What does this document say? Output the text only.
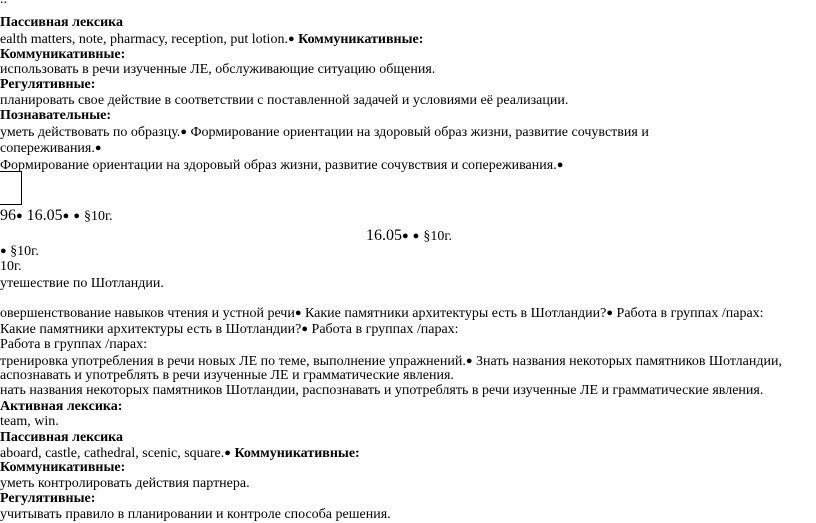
Пассивная лексика
ealth matters, note, pharmacy, reception, put lotion.● Коммуникативные:
Коммуникативные:
использовать в речи изученные ЛЕ, обслуживающие ситуацию общения.
Регулятивные:
планировать свое действие в соответствии с поставленной задачей и условиями её реализации.
Познавательные:
уметь действовать по образцу.● Формирование ориентации на здоровый образ жизни, развитие сочувствия и
сопереживания.●
Формирование ориентации на здоровый образ жизни, развитие сочувствия и сопереживания.●
96● 16.05● ● §10г.
16.05● ● §10г.
● §10г.
10г.
утешествие по Шотландии.
овершенствование навыков чтения и устной речи● Какие памятники архитектуры есть в Шотландии?● Работа в группах /парах:
Какие памятники архитектуры есть в Шотландии?● Работа в группах /парах:
Работа в группах /парах:
тренировка употребления в речи новых ЛЕ по теме, выполнение упражнений.● Знать названия некоторых памятников Шотландии,
аспознавать и употреблять в речи изученные ЛЕ и грамматические явления.
нать названия некоторых памятников Шотландии, распознавать и употреблять в речи изученные ЛЕ и грамматические явления.
Активная лексика:
team, win.
Пассивная лексика
aboard, castle, cathedral, scenic, square.● Коммуникативные:
Коммуникативные:
уметь контролировать действия партнера.
Регулятивные:
учитывать правило в планировании и контроле способа решения.
